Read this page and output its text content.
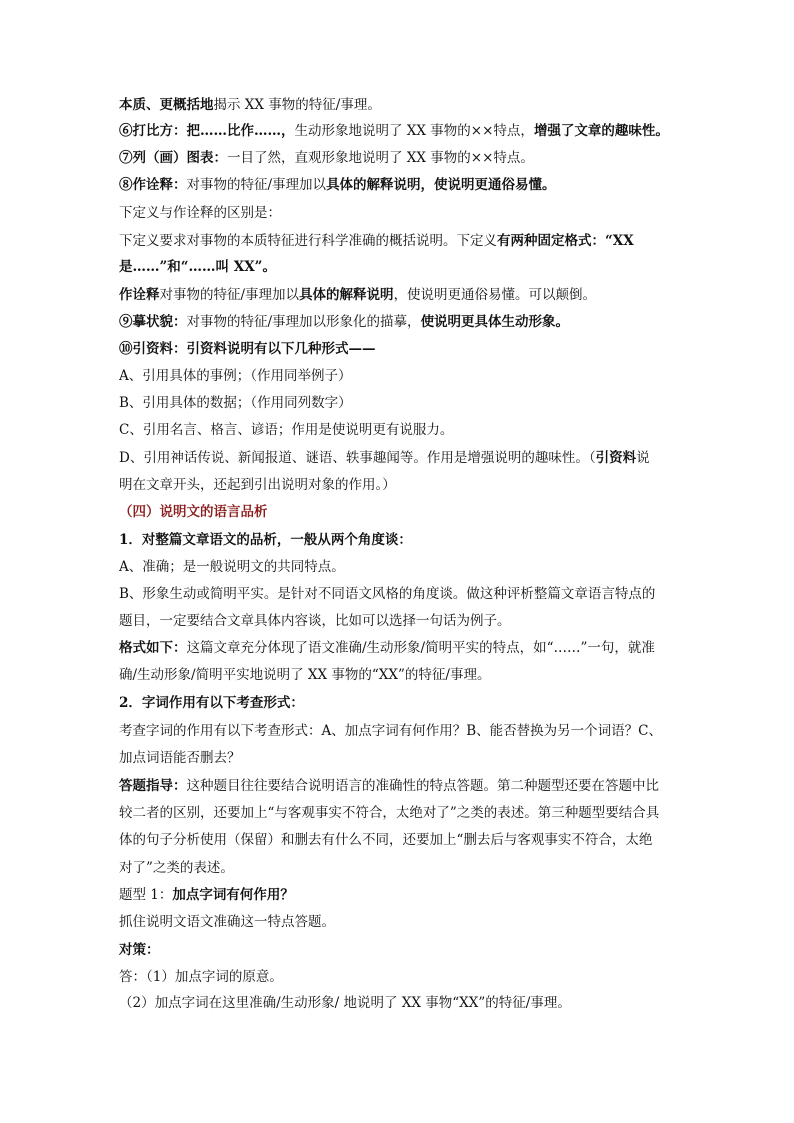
本质、更概括地揭示 XX 事物的特征/事理。
⑥打比方：把……比作……，生动形象地说明了 XX 事物的××特点，增强了文章的趣味性。
⑦列（画）图表：一目了然，直观形象地说明了 XX 事物的××特点。
⑧作诠释：对事物的特征/事理加以具体的解释说明，使说明更通俗易懂。
下定义与作诠释的区别是：
下定义要求对事物的本质特征进行科学准确的概括说明。下定义有两种固定格式：“XX
是……”和“……叫 XX”。
作诠释对事物的特征/事理加以具体的解释说明，使说明更通俗易懂。可以颠倒。
⑨摹状貌：对事物的特征/事理加以形象化的描摹，使说明更具体生动形象。
⑩引资料：引资料说明有以下几种形式——
A、引用具体的事例；（作用同举例子）
B、引用具体的数据；（作用同列数字）
C、引用名言、格言、谚语；作用是使说明更有说服力。
D、引用神话传说、新闻报道、谜语、轶事趣闻等。作用是增强说明的趣味性。（引资料说
明在文章开头，还起到引出说明对象的作用。）
（四）说明文的语言品析
1．对整篇文章语文的品析，一般从两个角度谈：
A、准确；是一般说明文的共同特点。
B、形象生动或简明平实。是针对不同语文风格的角度谈。做这种评析整篇文章语言特点的
题目，一定要结合文章具体内容谈，比如可以选择一句话为例子。
格式如下：这篇文章充分体现了语文准确/生动形象/简明平实的特点，如“……”一句，就准
确/生动形象/简明平实地说明了 XX 事物的“XX”的特征/事理。
2．字词作用有以下考查形式：
考查字词的作用有以下考查形式：A、加点字词有何作用？B、能否替换为另一个词语？C、
加点词语能否删去？
答题指导：这种题目往往要结合说明语言的准确性的特点答题。第二种题型还要在答题中比
较二者的区别，还要加上“与客观事实不符合，太绝对了”之类的表述。第三种题型要结合具
体的句子分析使用（保留）和删去有什么不同，还要加上“删去后与客观事实不符合，太绝
对了”之类的表述。
题型 1：加点字词有何作用？
抓住说明文语文准确这一特点答题。
对策：
答：（1）加点字词的原意。
（2）加点字词在这里准确/生动形象/ 地说明了 XX 事物“XX”的特征/事理。
